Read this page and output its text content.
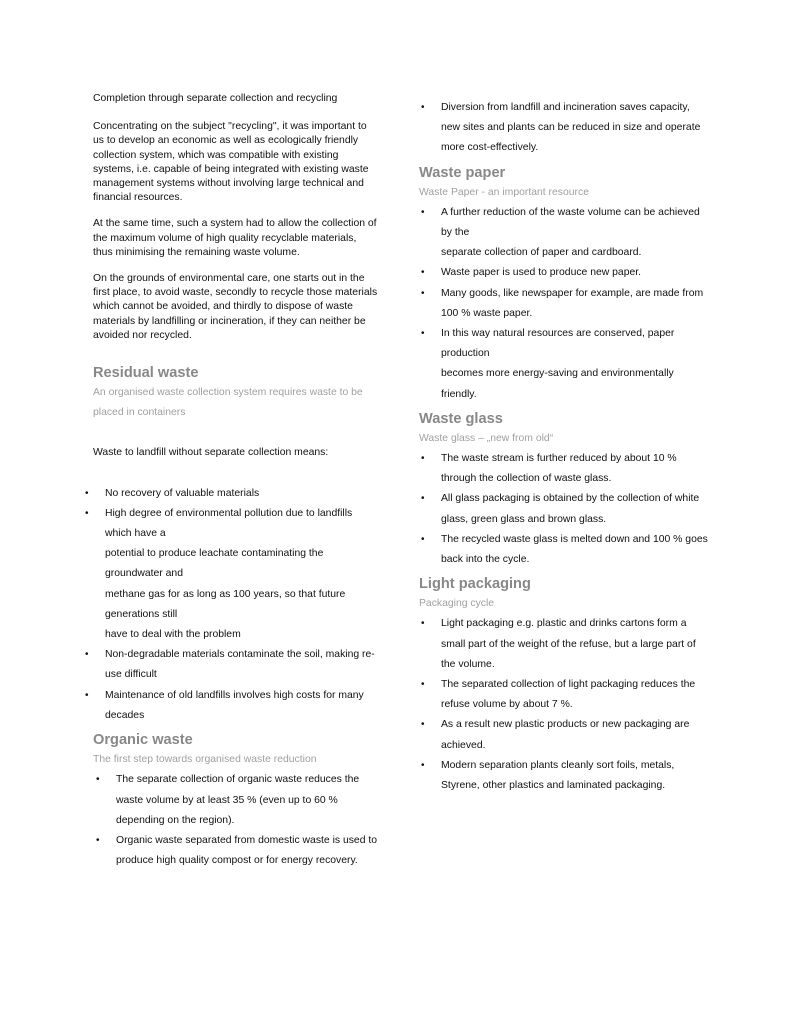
Completion through separate collection and recycling

Concentrating on the subject "recycling", it was important to us to develop an economic as well as ecologically friendly collection system, which was compatible with existing systems, i.e. capable of being integrated with existing waste management systems without involving large technical and financial resources.

At the same time, such a system had to allow the collection of the maximum volume of high quality recyclable materials, thus minimising the remaining waste volume.

On the grounds of environmental care, one starts out in the first place, to avoid waste, secondly to recycle those materials which cannot be avoided, and thirdly to dispose of waste materials by landfilling or incineration, if they can neither be avoided nor recycled.

Residual waste

An organised waste collection system requires waste to be placed in containers

Waste to landfill without separate collection means:

• No recovery of valuable materials
• High degree of environmental pollution due to landfills which have a
potential to produce leachate contaminating the groundwater and
methane gas for as long as 100 years, so that future generations still
have to deal with the problem
• Non-degradable materials contaminate the soil, making re-use difficult
• Maintenance of old landfills involves high costs for many decades
Organic waste

The first step towards organised waste reduction

• The separate collection of organic waste reduces the waste volume by at least 35 % (even up to 60 % depending on the region).
• Organic waste separated from domestic waste is used to produce high quality compost or for energy recovery.
• Diversion from landfill and incineration saves capacity, new sites and plants can be reduced in size and operate more cost-effectively.
Waste paper

Waste Paper - an important resource

• A further reduction of the waste volume can be achieved by the
separate collection of paper and cardboard.
• Waste paper is used to produce new paper.
• Many goods, like newspaper for example, are made from
100 % waste paper.
• In this way natural resources are conserved, paper production
becomes more energy-saving and environmentally friendly.
Waste glass

Waste glass – „new from old“

• The waste stream is further reduced by about 10 % through the collection of waste glass.
• All glass packaging is obtained by the collection of white glass, green glass and brown glass.
• The recycled waste glass is melted down and 100 % goes back into the cycle.
Light packaging

Packaging cycle

• Light packaging e.g. plastic and drinks cartons form a small part of the weight of the refuse, but a large part of the volume.
• The separated collection of light packaging reduces the refuse volume by about 7 %.
• As a result new plastic products or new packaging are achieved.
• Modern separation plants cleanly sort foils, metals, Styrene, other plastics and laminated packaging.
